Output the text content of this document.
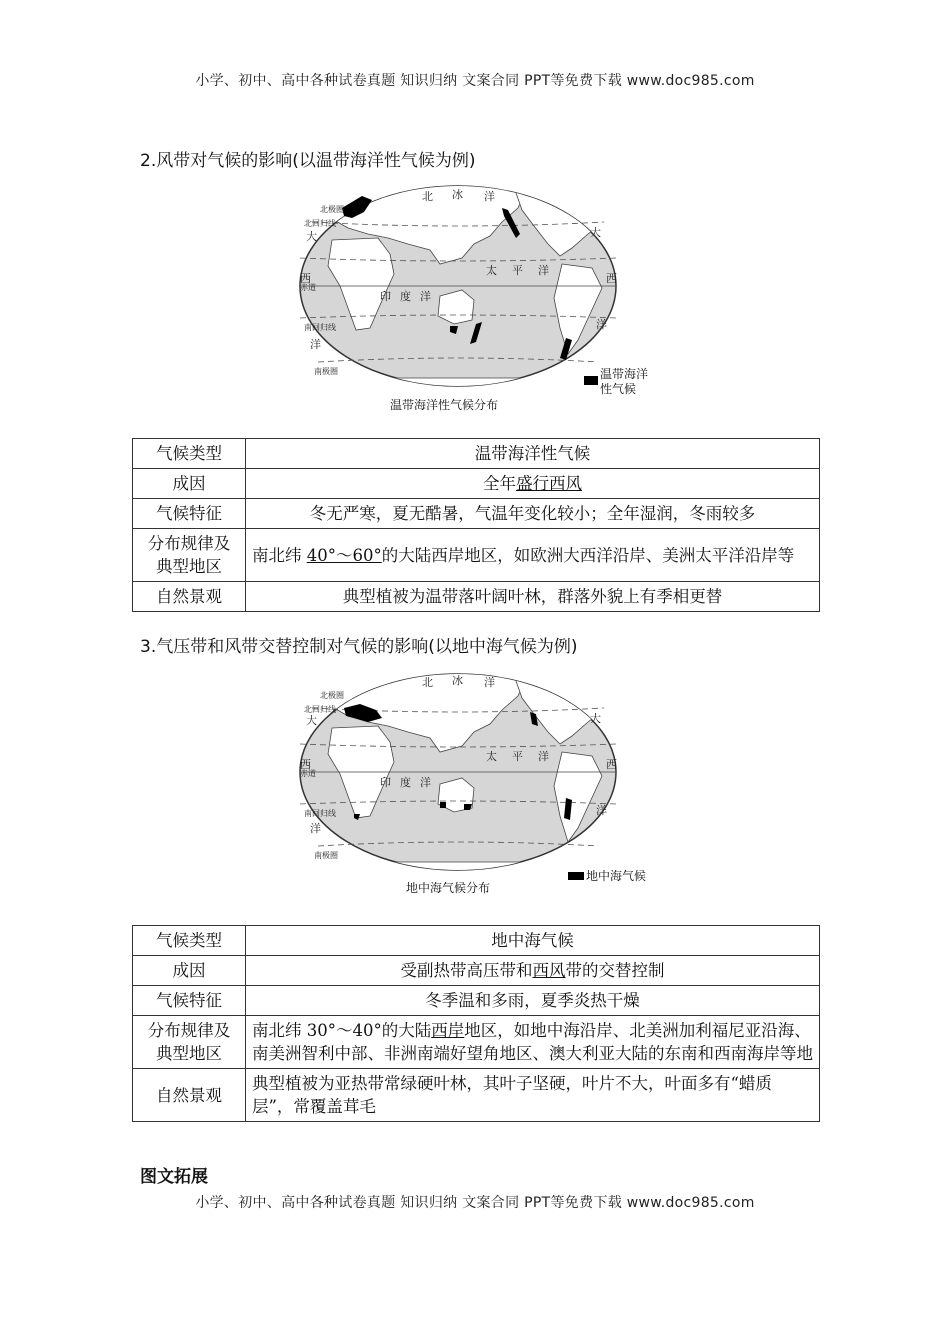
小学、初中、高中各种试卷真题 知识归纳 文案合同 PPT等免费下载 www.doc985.com
2.风带对气候的影响(以温带海洋性气候为例)
北极圈
北回归线
赤道
南回归线
南极圈
北 冰 洋
太 平 洋
印 度 洋
大
西
洋
大
西
洋
温带海洋
性气候
温带海洋性气候分布
气候类型	温带海洋性气候
成因	全年盛行西风
气候特征	冬无严寒，夏无酷暑，气温年变化较小；全年湿润，冬雨较多
分布规律及
典型地区	南北纬 40°～60°的大陆西岸地区，如欧洲大西洋沿岸、美洲太平洋沿岸等
自然景观	典型植被为温带落叶阔叶林，群落外貌上有季相更替
3.气压带和风带交替控制对气候的影响(以地中海气候为例)
北极圈
北回归线
赤道
南回归线
南极圈
北 冰 洋
太 平 洋
印 度 洋
大
西
洋
大
西
洋
地中海气候
地中海气候分布
气候类型	地中海气候
成因	受副热带高压带和西风带的交替控制
气候特征	冬季温和多雨，夏季炎热干燥
分布规律及
典型地区	南北纬 30°～40°的大陆西岸地区，如地中海沿岸、北美洲加利福尼亚沿海、南美洲智利中部、非洲南端好望角地区、澳大利亚大陆的东南和西南海岸等地
自然景观	典型植被为亚热带常绿硬叶林，其叶子坚硬，叶片不大，叶面多有“蜡质层”，常覆盖茸毛
图文拓展
小学、初中、高中各种试卷真题 知识归纳 文案合同 PPT等免费下载 www.doc985.com
